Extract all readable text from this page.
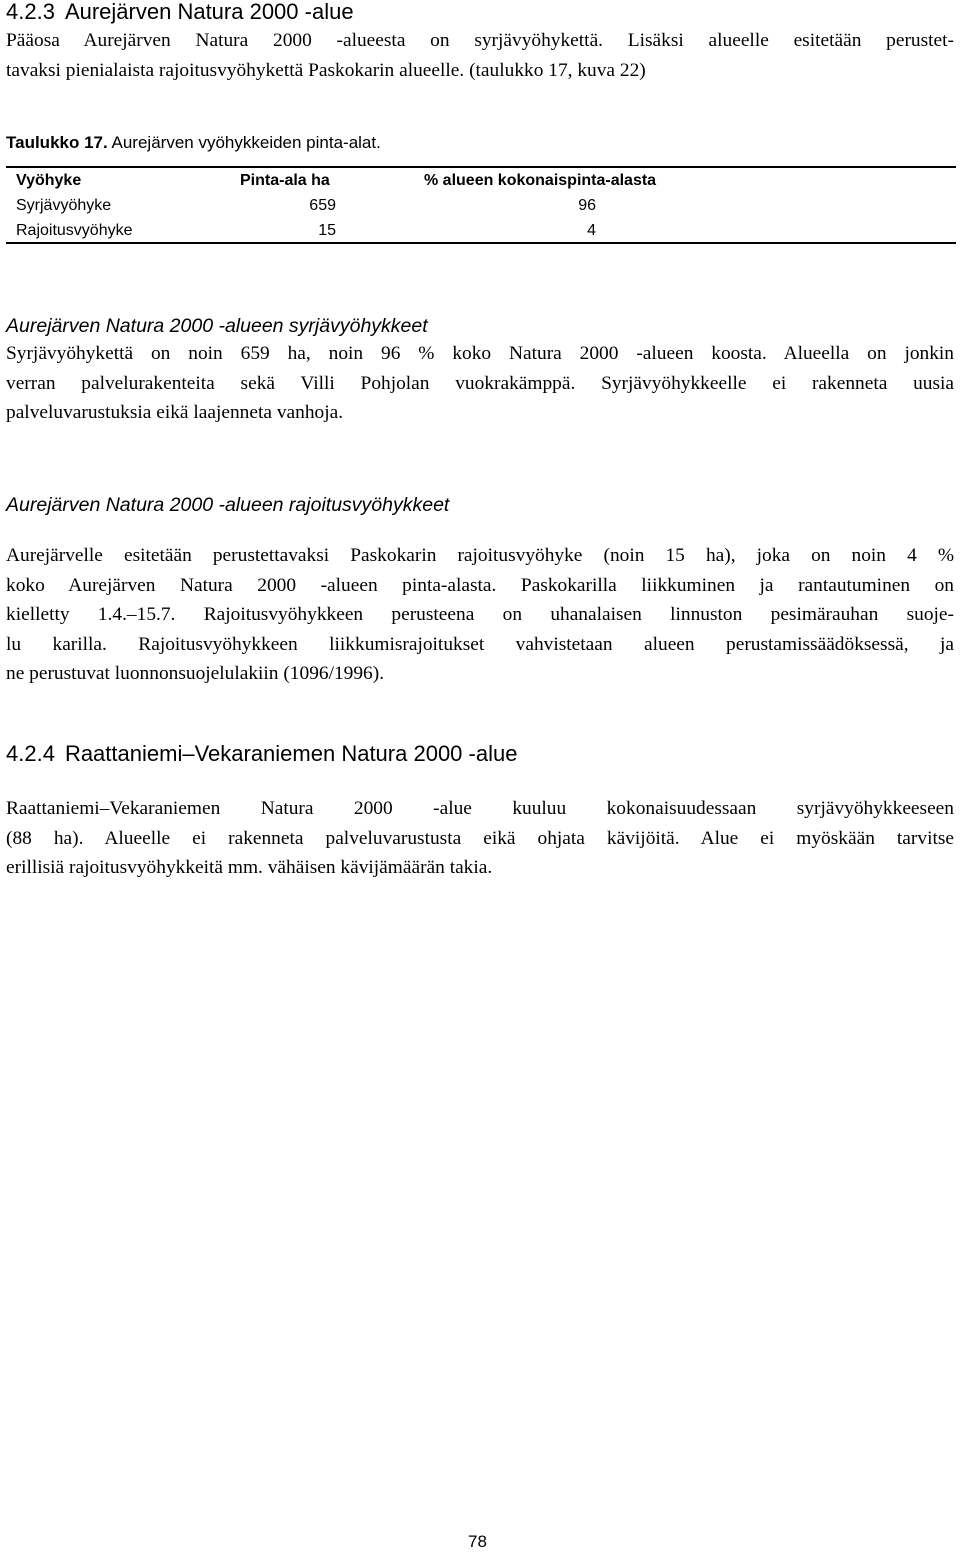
4.2.3 Aurejärven Natura 2000 -alue
Pääosa Aurejärven Natura 2000 -alueesta on syrjävyöhykettä. Lisäksi alueelle esitetään perustet-
tavaksi pienialaista rajoitusvyöhykettä Paskokarin alueelle. (taulukko 17, kuva 22)
Taulukko 17. Aurejärven vyöhykkeiden pinta-alat.
Vyöhyke	Pinta-ala ha	% alueen kokonaispinta-alasta
Syrjävyöhyke	659	96
Rajoitusvyöhyke	15	4
Aurejärven Natura 2000 -alueen syrjävyöhykkeet
Syrjävyöhykettä on noin 659 ha, noin 96 % koko Natura 2000 -alueen koosta. Alueella on jonkin
verran palvelurakenteita sekä Villi Pohjolan vuokrakämppä. Syrjävyöhykkeelle ei rakenneta uusia
palveluvarustuksia eikä laajenneta vanhoja.
Aurejärven Natura 2000 -alueen rajoitusvyöhykkeet
Aurejärvelle esitetään perustettavaksi Paskokarin rajoitusvyöhyke (noin 15 ha), joka on noin 4 %
koko Aurejärven Natura 2000 -alueen pinta-alasta. Paskokarilla liikkuminen ja rantautuminen on
kielletty 1.4.–15.7. Rajoitusvyöhykkeen perusteena on uhanalaisen linnuston pesimärauhan suoje-
lu karilla. Rajoitusvyöhykkeen liikkumisrajoitukset vahvistetaan alueen perustamissäädöksessä, ja
ne perustuvat luonnonsuojelulakiin (1096/1996).
4.2.4 Raattaniemi–Vekaraniemen Natura 2000 -alue
Raattaniemi–Vekaraniemen Natura 2000 -alue kuuluu kokonaisuudessaan syrjävyöhykkeeseen
(88 ha). Alueelle ei rakenneta palveluvarustusta eikä ohjata kävijöitä. Alue ei myöskään tarvitse
erillisiä rajoitusvyöhykkeitä mm. vähäisen kävijämäärän takia.
78
